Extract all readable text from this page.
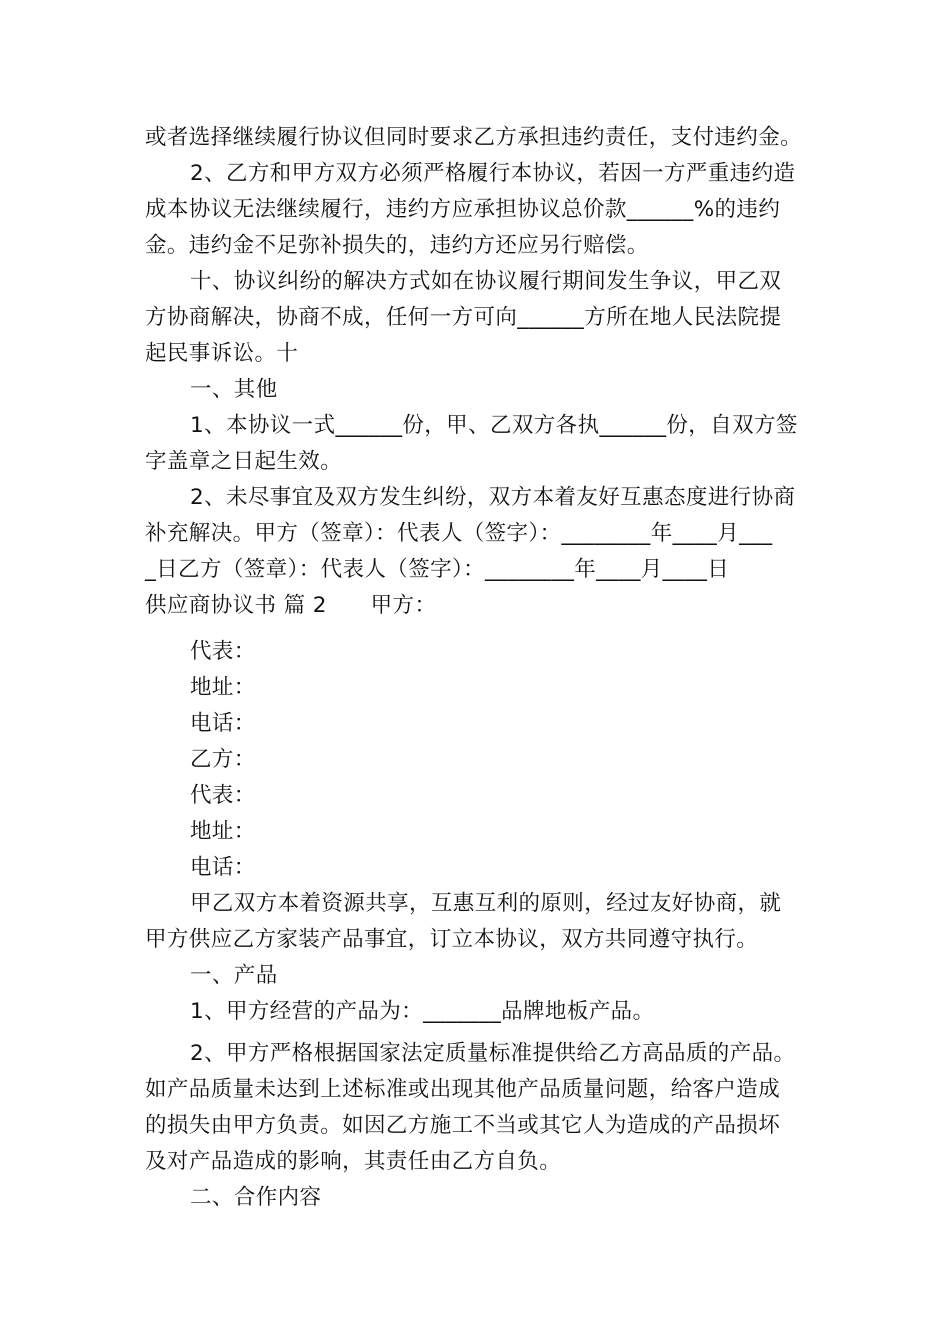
或者选择继续履行协议但同时要求乙方承担违约责任，支付违约金。
2、乙方和甲方双方必须严格履行本协议，若因一方严重违约造
成本协议无法继续履行，违约方应承担协议总价款______%的违约
金。违约金不足弥补损失的，违约方还应另行赔偿。
十、协议纠纷的解决方式如在协议履行期间发生争议，甲乙双
方协商解决，协商不成，任何一方可向______方所在地人民法院提
起民事诉讼。十
一、其他
1、本协议一式______份，甲、乙双方各执______份，自双方签
字盖章之日起生效。
2、未尽事宜及双方发生纠纷，双方本着友好互惠态度进行协商
补充解决。甲方（签章）：代表人（签字）：________年____月___
_日乙方（签章）：代表人（签字）：________年____月____日
供应商协议书 篇 2　　甲方：
代表：
地址：
电话：
乙方：
代表：
地址：
电话：
甲乙双方本着资源共享，互惠互利的原则，经过友好协商，就
甲方供应乙方家装产品事宜，订立本协议，双方共同遵守执行。
一、产品
1、甲方经营的产品为：_______品牌地板产品。
2、甲方严格根据国家法定质量标准提供给乙方高品质的产品。
如产品质量未达到上述标准或出现其他产品质量问题，给客户造成
的损失由甲方负责。如因乙方施工不当或其它人为造成的产品损坏
及对产品造成的影响，其责任由乙方自负。
二、合作内容
